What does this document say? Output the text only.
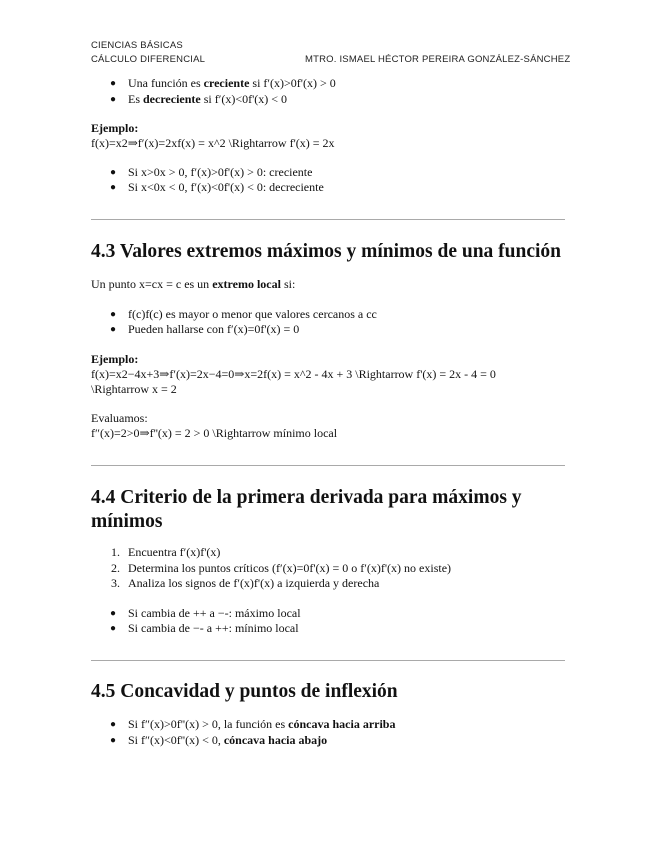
CIENCIAS BÁSICAS
CÁLCULO DIFERENCIAL	MTRO. ISMAEL HÉCTOR PEREIRA GONZÁLEZ-SÁNCHEZ
● Una función es creciente si f′(x)>0f'(x) > 0
● Es decreciente si f′(x)<0f'(x) < 0
Ejemplo:
f(x)=x2⇒f′(x)=2xf(x) = x^2 \Rightarrow f'(x) = 2x
● Si x>0x > 0, f′(x)>0f'(x) > 0: creciente
● Si x<0x < 0, f′(x)<0f'(x) < 0: decreciente
4.3 Valores extremos máximos y mínimos de una función
Un punto x=cx = c es un extremo local si:
● f(c)f(c) es mayor o menor que valores cercanos a cc
● Pueden hallarse con f′(x)=0f'(x) = 0
Ejemplo:
f(x)=x2−4x+3⇒f′(x)=2x−4=0⇒x=2f(x) = x^2 - 4x + 3 \Rightarrow f'(x) = 2x - 4 = 0
\Rightarrow x = 2
Evaluamos:
f″(x)=2>0⇒f''(x) = 2 > 0 \Rightarrow mínimo local
4.4 Criterio de la primera derivada para máximos y mínimos
1. Encuentra f′(x)f'(x)
2. Determina los puntos críticos (f′(x)=0f'(x) = 0 o f′(x)f'(x) no existe)
3. Analiza los signos de f′(x)f'(x) a izquierda y derecha
● Si cambia de ++ a −-: máximo local
● Si cambia de −- a ++: mínimo local
4.5 Concavidad y puntos de inflexión
● Si f″(x)>0f''(x) > 0, la función es cóncava hacia arriba
● Si f″(x)<0f''(x) < 0, cóncava hacia abajo
